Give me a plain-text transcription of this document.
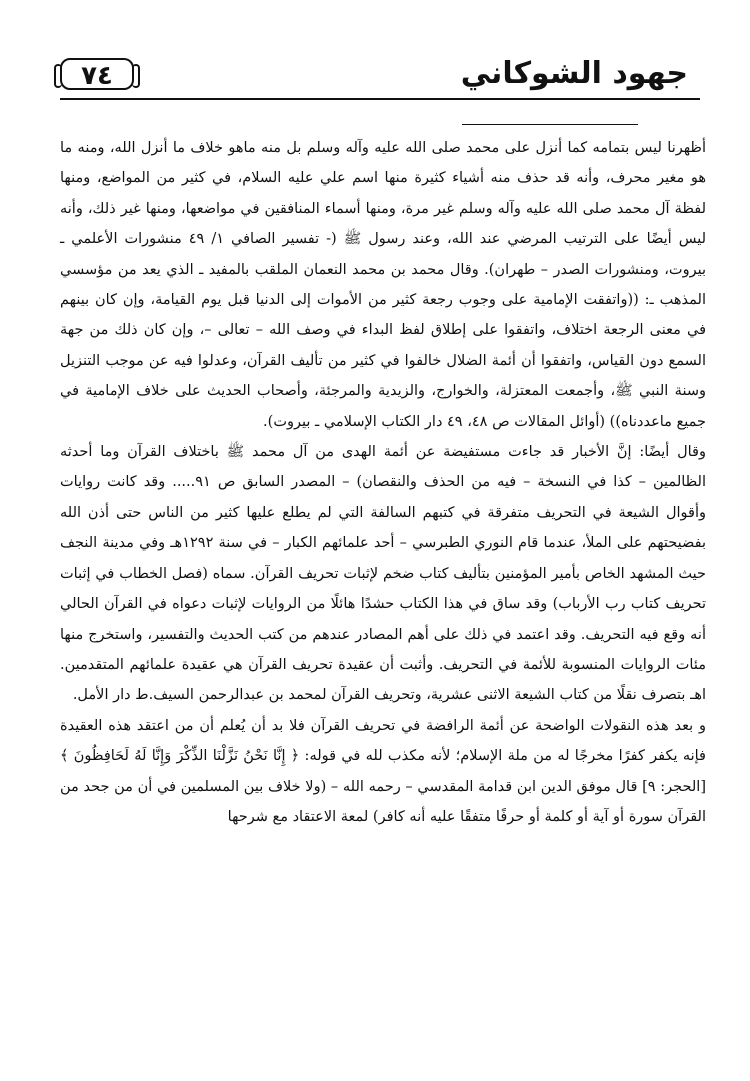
٧٤	جهود الشوكاني

أظهرنا ليس بتمامه كما أنزل على محمد صلى الله عليه وآله وسلم بل منه ماهو خلاف ما أنزل الله، ومنه ما هو مغير محرف، وأنه قد حذف منه أشياء كثيرة منها اسم علي عليه السلام، في كثير من المواضع، ومنها لفظة آل محمد صلى الله عليه وآله وسلم غير مرة، ومنها أسماء المنافقين في مواضعها، ومنها غير ذلك، وأنه ليس أيضًا على الترتيب المرضي عند الله، وعند رسول ﷺ (- تفسير الصافي ١/ ٤٩ منشورات الأعلمي ـ بيروت، ومنشورات الصدر – طهران). وقال محمد بن محمد النعمان الملقب بالمفيد ـ الذي يعد من مؤسسي المذهب ـ: ((واتفقت الإمامية على وجوب رجعة كثير من الأموات إلى الدنيا قبل يوم القيامة، وإن كان بينهم في معنى الرجعة اختلاف، واتفقوا على إطلاق لفظ البداء في وصف الله – تعالى –، وإن كان ذلك من جهة السمع دون القياس، واتفقوا أن أئمة الضلال خالفوا في كثير من تأليف القرآن، وعدلوا فيه عن موجب التنزيل وسنة النبي ﷺ، وأجمعت المعتزلة، والخوارج، والزيدية والمرجئة، وأصحاب الحديث على خلاف الإمامية في جميع ماعددناه)) (أوائل المقالات ص ٤٨، ٤٩ دار الكتاب الإسلامي ـ بيروت).

وقال أيضًا: إنَّ الأخبار قد جاءت مستفيضة عن أئمة الهدى من آل محمد ﷺ باختلاف القرآن وما أحدثه الظالمين – كذا في النسخة – فيه من الحذف والنقصان) – المصدر السابق ص ٩١..... وقد كانت روايات وأقوال الشيعة في التحريف متفرقة في كتبهم السالفة التي لم يطلع عليها كثير من الناس حتى أذن الله بفضيحتهم على الملأ، عندما قام النوري الطبرسي – أحد علمائهم الكبار – في سنة ١٢٩٢هـ وفي مدينة النجف حيث المشهد الخاص بأمير المؤمنين بتأليف كتاب ضخم لإثبات تحريف القرآن. سماه (فصل الخطاب في إثبات تحريف كتاب رب الأرباب) وقد ساق في هذا الكتاب حشدًا هائلًا من الروايات لإثبات دعواه في القرآن الحالي أنه وقع فيه التحريف. وقد اعتمد في ذلك على أهم المصادر عندهم من كتب الحديث والتفسير، واستخرج منها مئات الروايات المنسوبة للأئمة في التحريف. وأثبت أن عقيدة تحريف القرآن هي عقيدة علمائهم المتقدمين. اهـ بتصرف نقلًا من كتاب الشيعة الاثنى عشرية، وتحريف القرآن لمحمد بن عبدالرحمن السيف.ط دار الأمل.

و بعد هذه النقولات الواضحة عن أئمة الرافضة في تحريف القرآن فلا بد أن يُعلم أن من اعتقد هذه العقيدة فإنه يكفر كفرًا مخرجًا له من ملة الإسلام؛ لأنه مكذب لله في قوله: ﴿ إِنَّا نَحْنُ نَزَّلْنَا الذِّكْرَ وَإِنَّا لَهُ لَحَافِظُونَ ﴾ [الحجر: ٩] قال موفق الدين ابن قدامة المقدسي – رحمه الله – (ولا خلاف بين المسلمين في أن من جحد من القرآن سورة أو آية أو كلمة أو حرفًا متفقًا عليه أنه كافر) لمعة الاعتقاد مع شرحها
